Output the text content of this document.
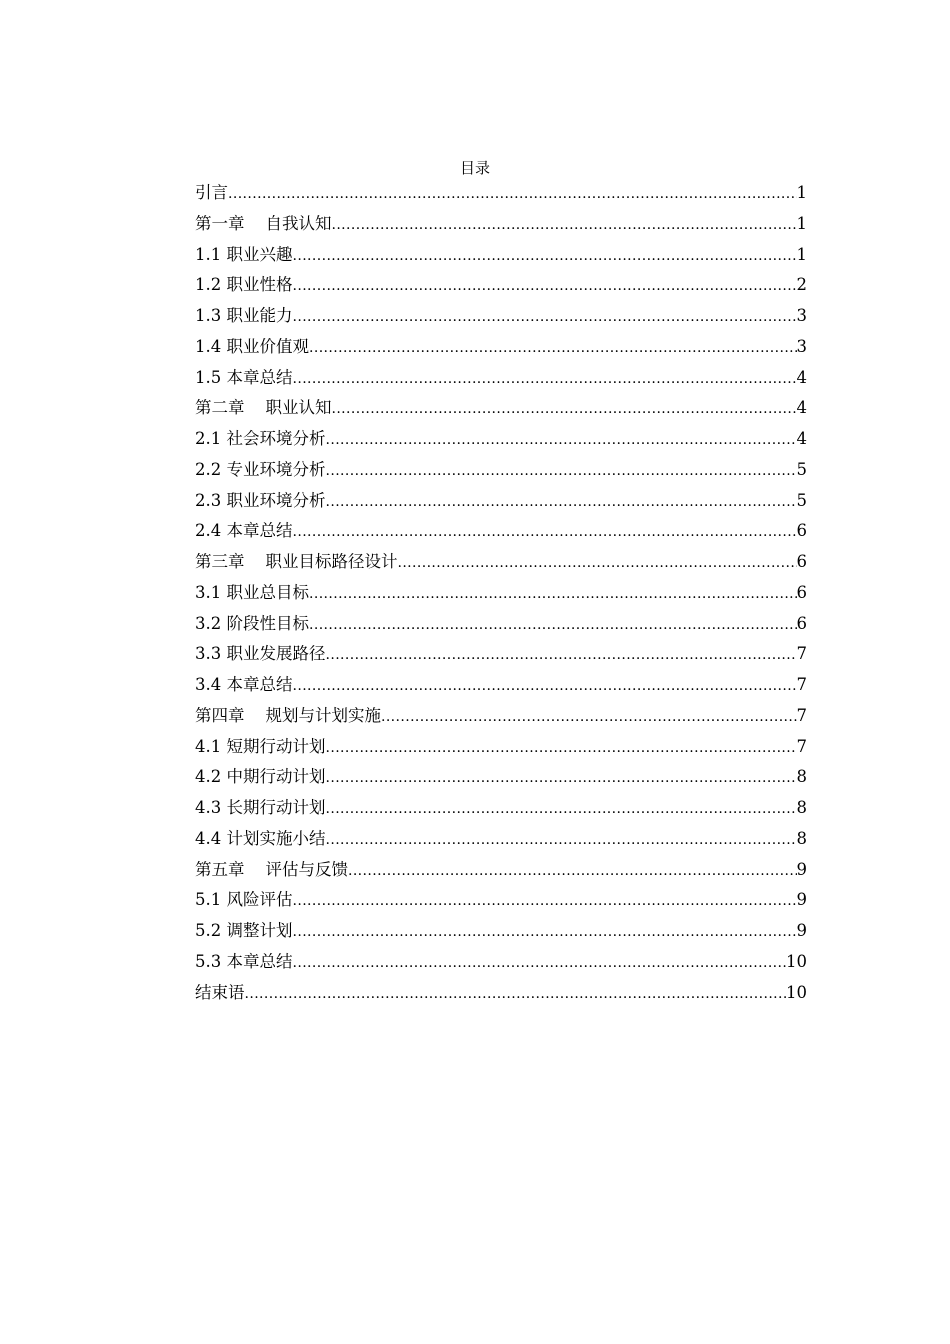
目录
引言 .....	1
第一章    自我认知 .....	1
1.1 职业兴趣 .....	1
1.2 职业性格 .....	2
1.3 职业能力 .....	3
1.4 职业价值观 .....	3
1.5 本章总结 .....	4
第二章    职业认知 .....	4
2.1 社会环境分析 .....	4
2.2 专业环境分析 .....	5
2.3 职业环境分析 .....	5
2.4 本章总结 .....	6
第三章    职业目标路径设计 .....	6
3.1 职业总目标 .....	6
3.2 阶段性目标 .....	6
3.3 职业发展路径 .....	7
3.4 本章总结 .....	7
第四章    规划与计划实施 .....	7
4.1 短期行动计划 .....	7
4.2 中期行动计划 .....	8
4.3 长期行动计划 .....	8
4.4 计划实施小结 .....	8
第五章    评估与反馈 .....	9
5.1 风险评估 .....	9
5.2 调整计划 .....	9
5.3 本章总结 .....	10
结束语 .....	10
